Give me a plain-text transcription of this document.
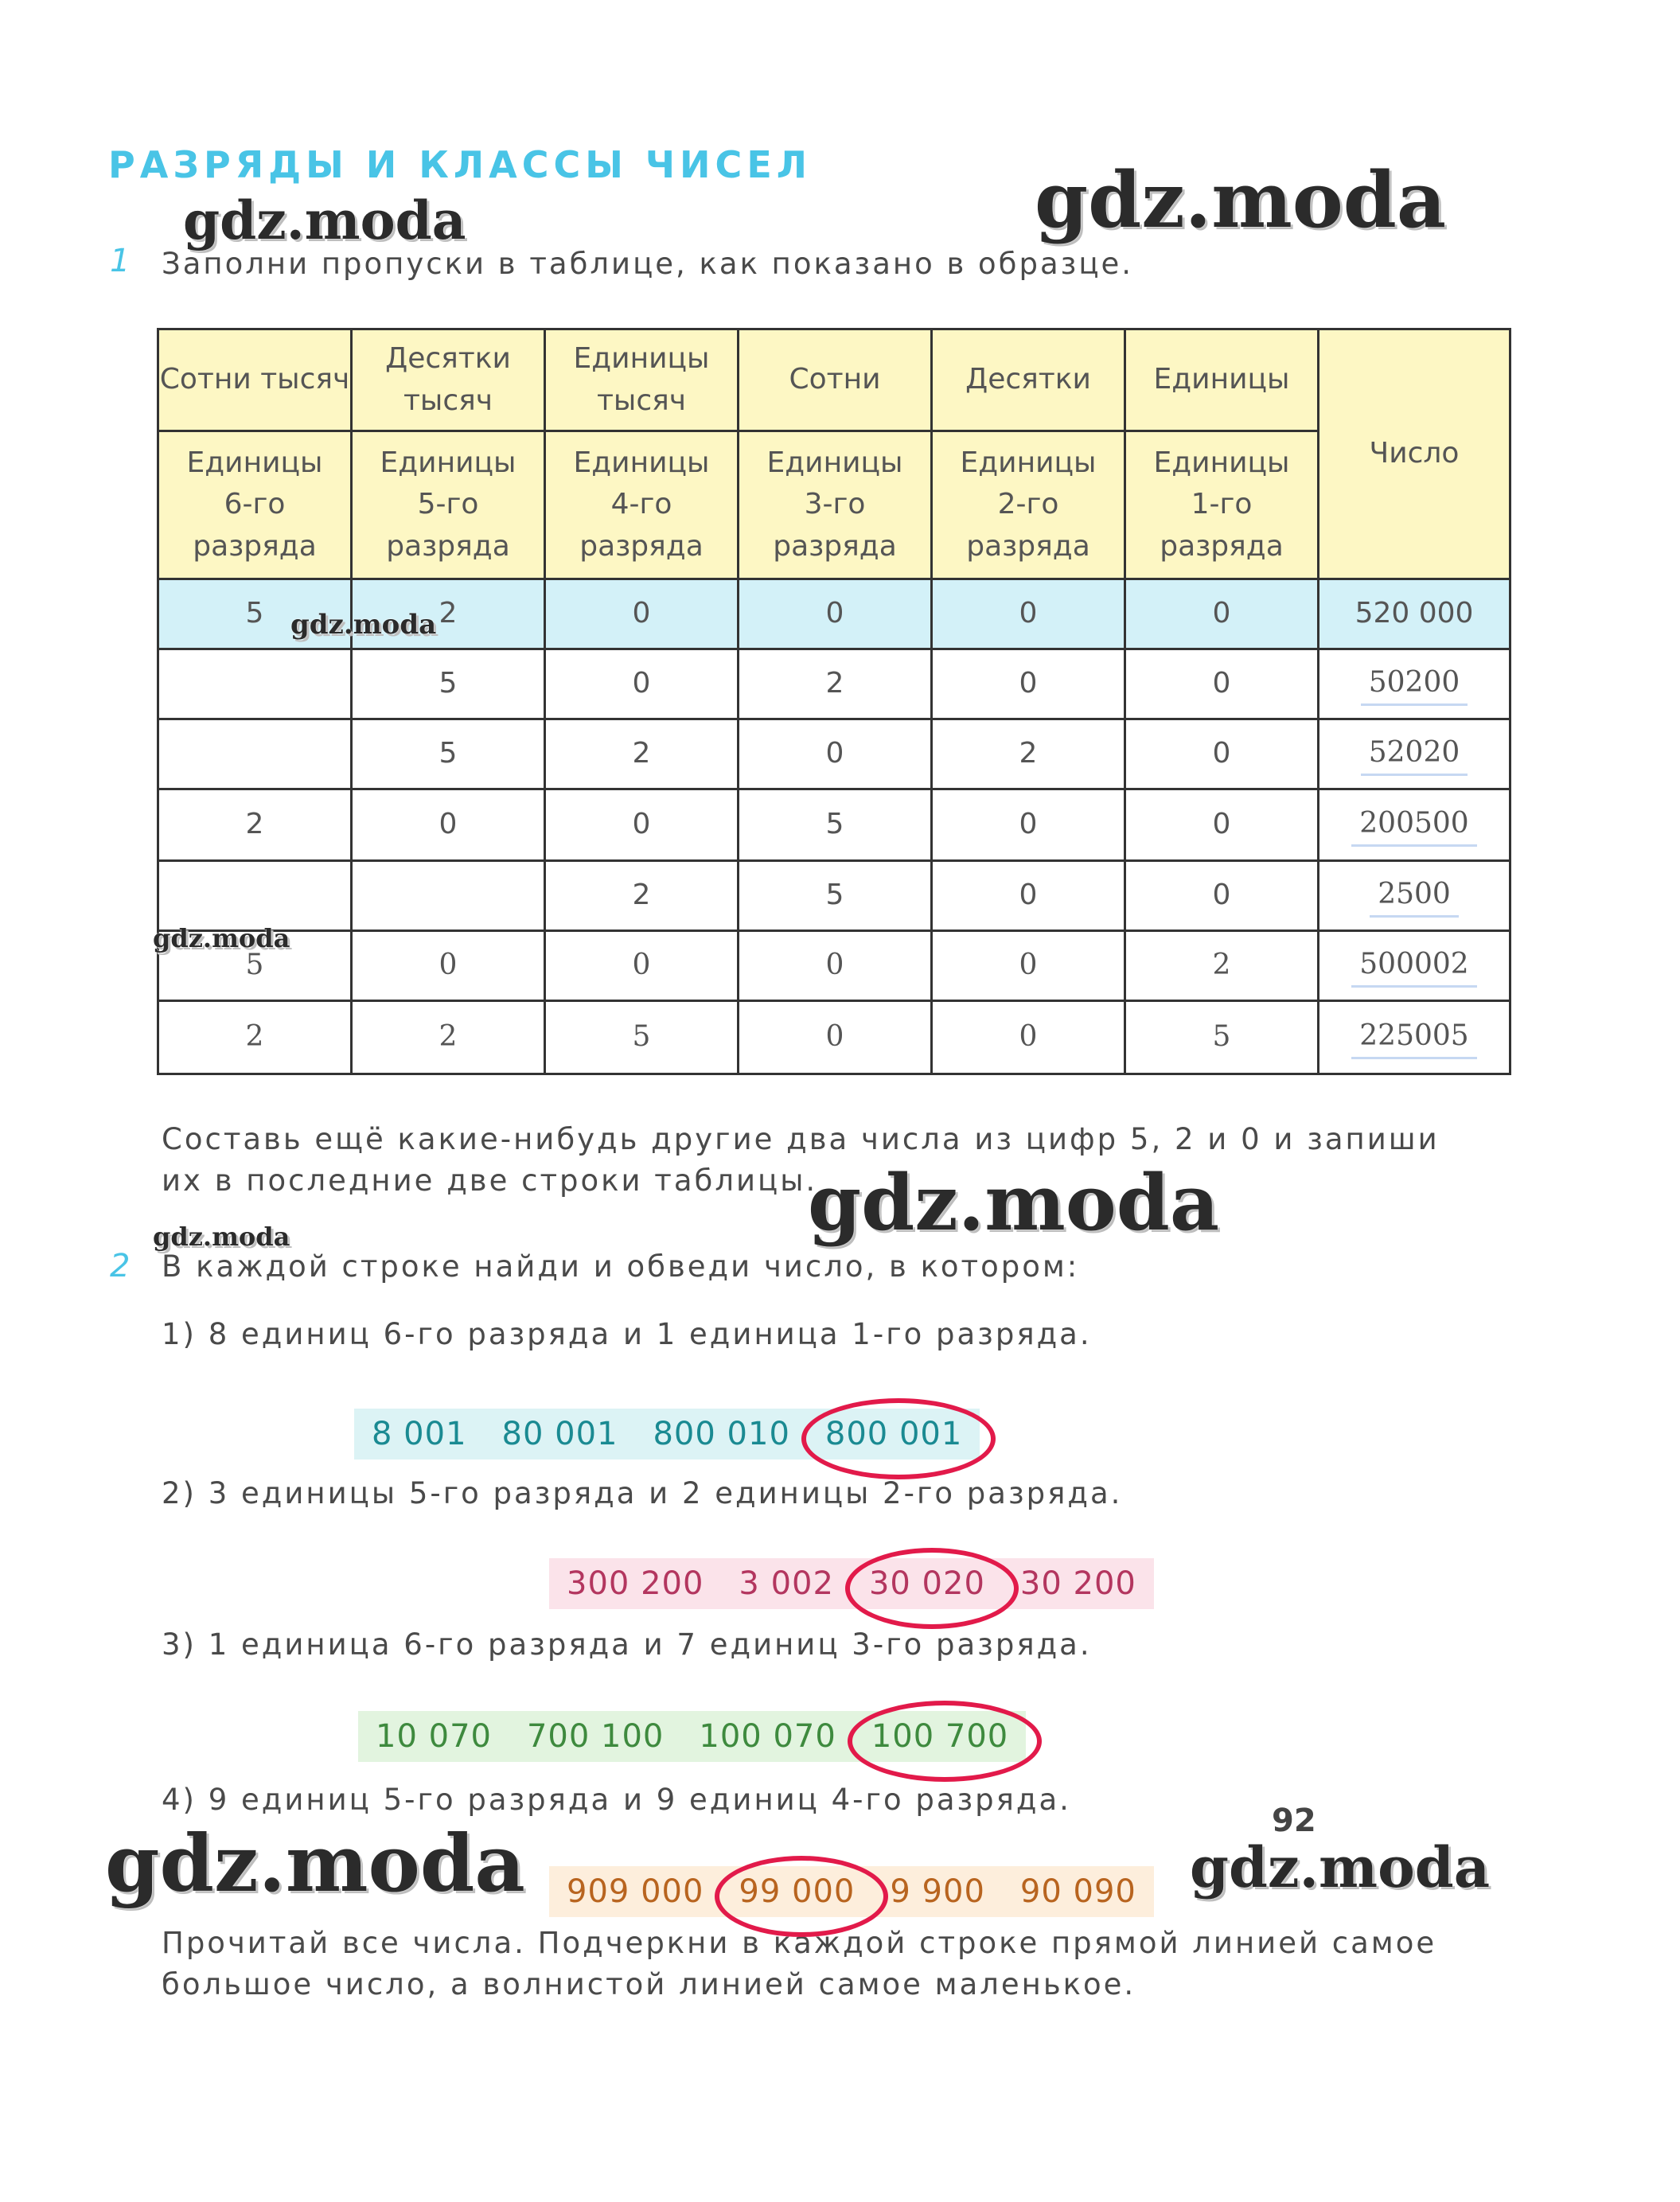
РАЗРЯДЫ И КЛАССЫ ЧИСЕЛ	gdz.moda
gdz.moda
1 Заполни пропуски в таблице, как показано в образце.
Сотни тысяч	Десятки тысяч	Единицы тысяч	Сотни	Десятки	Единицы	Число
Единицы 6-го разряда	Единицы 5-го разряда	Единицы 4-го разряда	Единицы 3-го разряда	Единицы 2-го разряда	Единицы 1-го разряда	
5	2	0	0	0	0	520 000
	5	0	2	0	0	50200
	5	2	0	2	0	52020
2	0	0	5	0	0	200500
		2	5	0	0	2500
5	0	0	0	0	2	500002
2	2	5	0	0	5	225005
gdz.moda
gdz.moda
Составь ещё какие-нибудь другие два числа из цифр 5, 2 и 0 и запиши
их в последние две строки таблицы.
gdz.moda
gdz.moda
2 В каждой строке найди и обведи число, в котором:
1) 8 единиц 6-го разряда и 1 единица 1-го разряда.
8 001	80 001	800 010	800 001
2) 3 единицы 5-го разряда и 2 единицы 2-го разряда.
300 200	3 002	30 020	30 200
3) 1 единица 6-го разряда и 7 единиц 3-го разряда.
10 070	700 100	100 070	100 700
4) 9 единиц 5-го разряда и 9 единиц 4-го разряда.
909 000	99 000	9 900	90 090
92
gdz.moda	gdz.moda
Прочитай все числа. Подчеркни в каждой строке прямой линией самое
большое число, а волнистой линией самое маленькое.
